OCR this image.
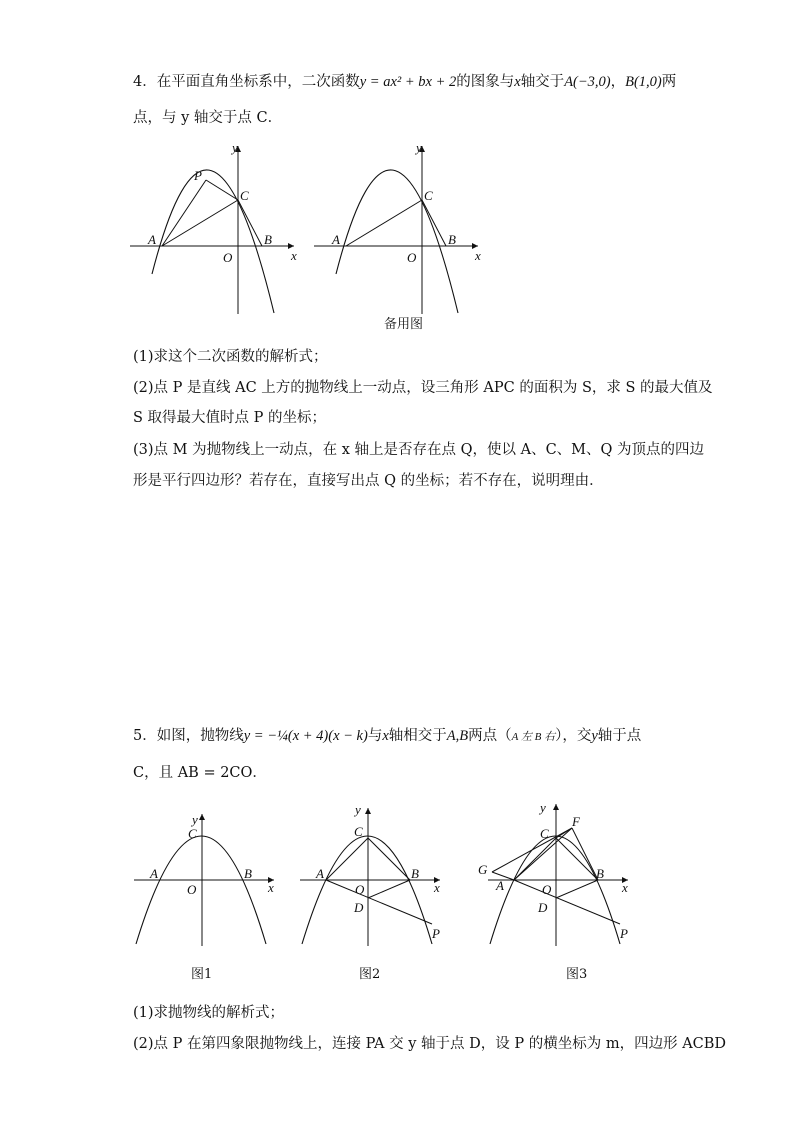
4．在平面直角坐标系中，二次函数y = ax² + bx + 2的图象与x轴交于A(−3,0)，B(1,0)两
点，与 y 轴交于点 C．
y
x
A	B
C
P
O
y
x
A	B
C
O
备用图
(1)求这个二次函数的解析式；
(2)点 P 是直线 AC 上方的抛物线上一动点，设三角形 APC 的面积为 S，求 S 的最大值及
S 取得最大值时点 P 的坐标；
(3)点 M 为抛物线上一动点，在 x 轴上是否存在点 Q，使以 A、C、M、Q 为顶点的四边
形是平行四边形？若存在，直接写出点 Q 的坐标；若不存在，说明理由．
5．如图，抛物线y = −¼(x + 4)(x − k)与x轴相交于A,B两点（A 左 B 右），交y轴于点
C，且 AB = 2CO．
y
x
C
A	B
O
图1
y
x
C
A	B
O
D
P
图2
y
x
C
F
G
A
B
O
D
P
图3
(1)求抛物线的解析式；
(2)点 P 在第四象限抛物线上，连接 PA 交 y 轴于点 D，设 P 的横坐标为 m，四边形 ACBD
